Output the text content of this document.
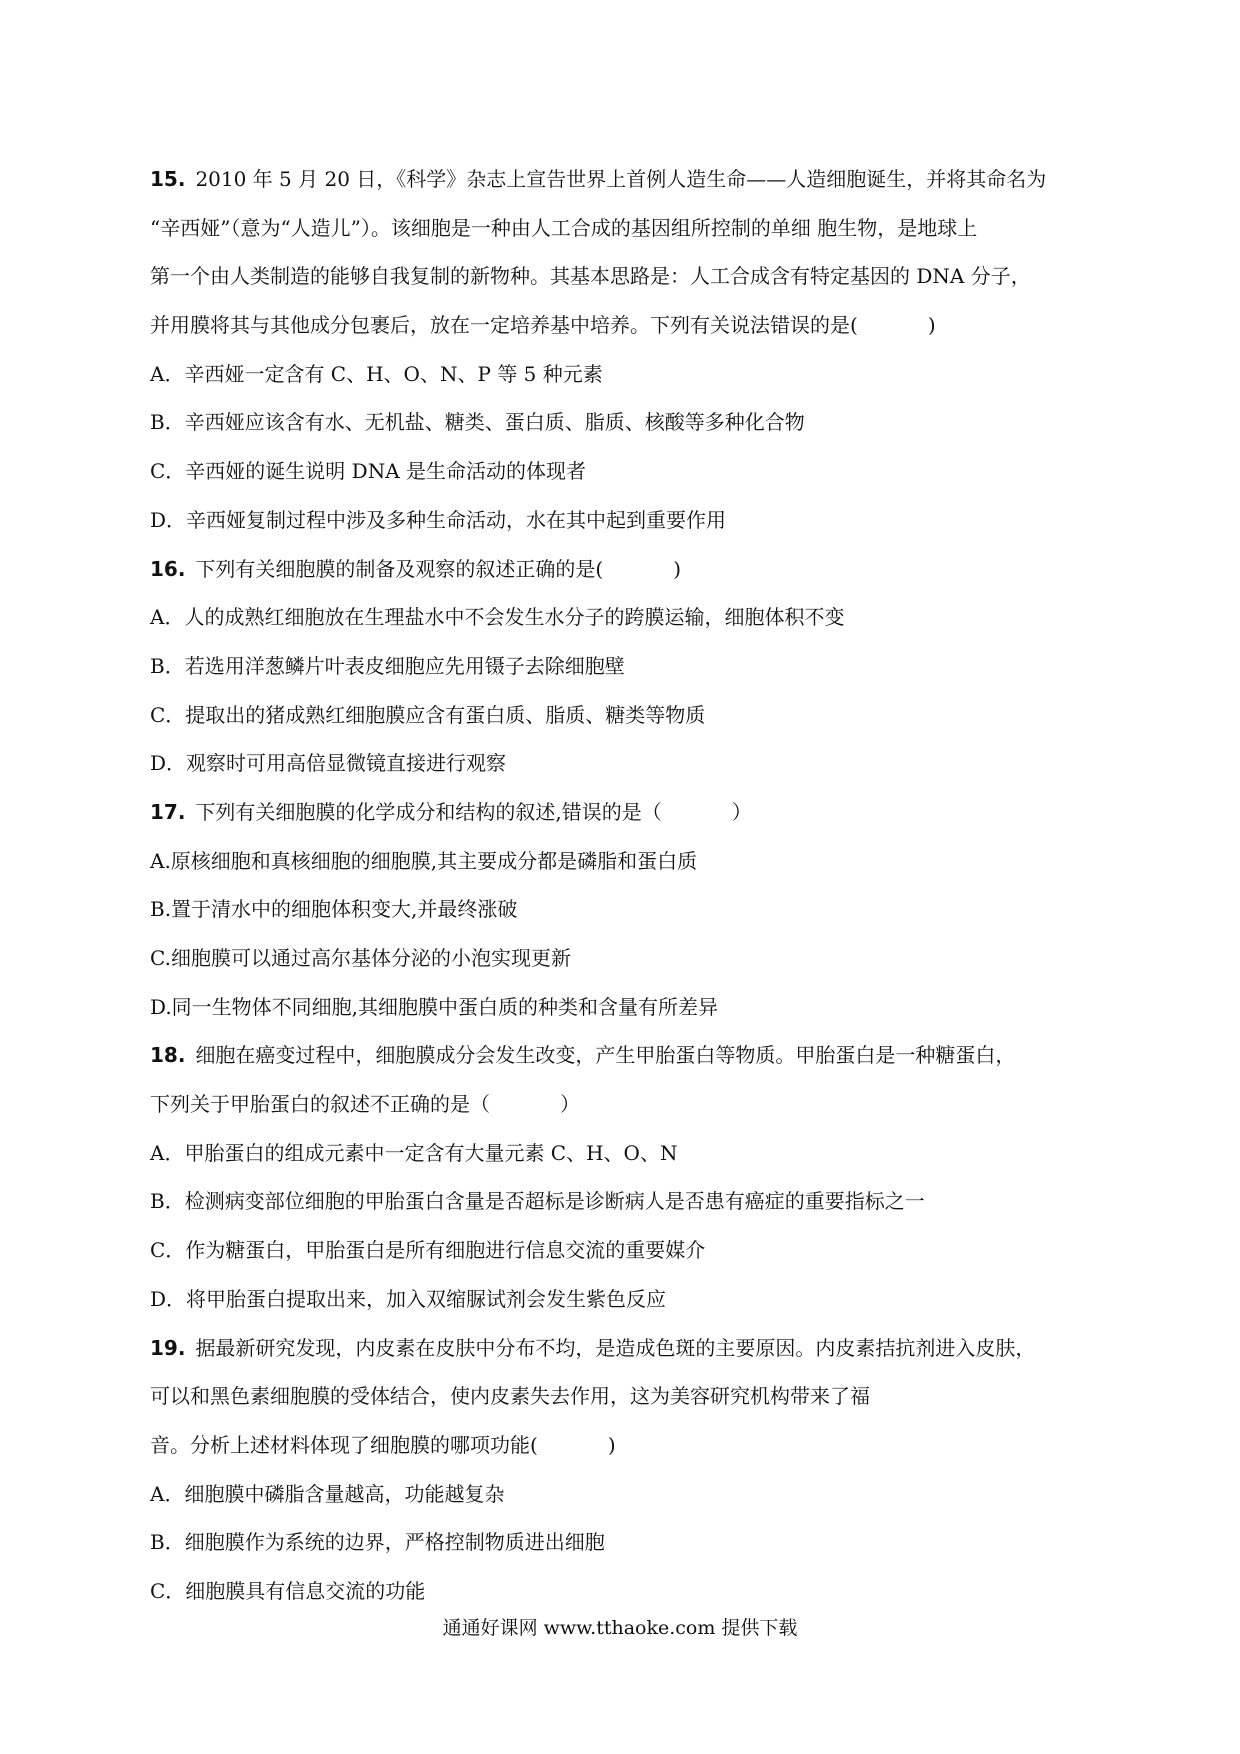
15. 2010 年 5 月 20 日，《科学》杂志上宣告世界上首例人造生命——人造细胞诞生，并将其命名为
“辛西娅”（意为“人造儿”）。该细胞是一种由人工合成的基因组所控制的单细 胞生物，是地球上
第一个由人类制造的能够自我复制的新物种。其基本思路是：人工合成含有特定基因的 DNA 分子，
并用膜将其与其他成分包裹后，放在一定培养基中培养。下列有关说法错误的是(	)
A．辛西娅一定含有 C、H、O、N、P 等 5 种元素
B．辛西娅应该含有水、无机盐、糖类、蛋白质、脂质、核酸等多种化合物
C．辛西娅的诞生说明 DNA 是生命活动的体现者
D．辛西娅复制过程中涉及多种生命活动，水在其中起到重要作用
16. 下列有关细胞膜的制备及观察的叙述正确的是(	)
A．人的成熟红细胞放在生理盐水中不会发生水分子的跨膜运输，细胞体积不变
B．若选用洋葱鳞片叶表皮细胞应先用镊子去除细胞壁
C．提取出的猪成熟红细胞膜应含有蛋白质、脂质、糖类等物质
D．观察时可用高倍显微镜直接进行观察
17. 下列有关细胞膜的化学成分和结构的叙述,错误的是（	）
A.原核细胞和真核细胞的细胞膜,其主要成分都是磷脂和蛋白质
B.置于清水中的细胞体积变大,并最终涨破
C.细胞膜可以通过高尔基体分泌的小泡实现更新
D.同一生物体不同细胞,其细胞膜中蛋白质的种类和含量有所差异
18. 细胞在癌变过程中，细胞膜成分会发生改变，产生甲胎蛋白等物质。甲胎蛋白是一种糖蛋白，
下列关于甲胎蛋白的叙述不正确的是（	）
A．甲胎蛋白的组成元素中一定含有大量元素 C、H、O、N
B．检测病变部位细胞的甲胎蛋白含量是否超标是诊断病人是否患有癌症的重要指标之一
C．作为糖蛋白，甲胎蛋白是所有细胞进行信息交流的重要媒介
D．将甲胎蛋白提取出来，加入双缩脲试剂会发生紫色反应
19. 据最新研究发现，内皮素在皮肤中分布不均，是造成色斑的主要原因。内皮素拮抗剂进入皮肤，
可以和黑色素细胞膜的受体结合，使内皮素失去作用，这为美容研究机构带来了福
音。分析上述材料体现了细胞膜的哪项功能(	)
A．细胞膜中磷脂含量越高，功能越复杂
B．细胞膜作为系统的边界，严格控制物质进出细胞
C．细胞膜具有信息交流的功能
通通好课网 www.tthaoke.com 提供下载
